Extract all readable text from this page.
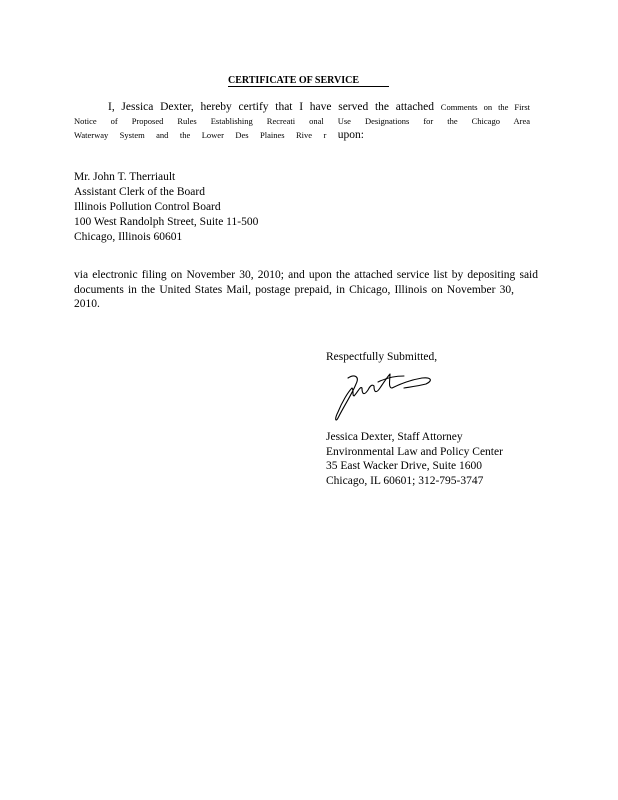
CERTIFICATE OF SERVICE
I, Jessica Dexter, hereby certify that I have served the attached Comments on the First
Notice of Proposed Rules Establishing Recreati onal Use Designations for the Chicago Area
Waterway System and the Lower Des Plaines Rive r upon:
Mr. John T. Therriault
Assistant Clerk of the Board
Illinois Pollution Control Board
100 West Randolph Street, Suite 11-500
Chicago, Illinois 60601
via electronic filing on November 30, 2010; and upon the attached service list by depositing said
documents in the United States Mail, postage prepaid, in Chicago, Illinois on November 30,
2010.
Respectfully Submitted,
Jessica Dexter, Staff Attorney
Environmental Law and Policy Center
35 East Wacker Drive, Suite 1600
Chicago, IL 60601; 312-795-3747
